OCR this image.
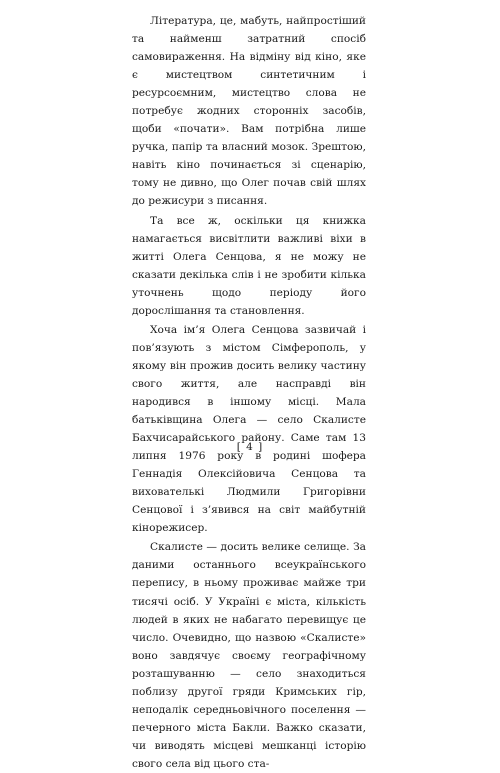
Література, це, мабуть, найпростіший та найменш затратний спосіб самовираження. На відміну від кіно, яке є мистецтвом синтетичним і ресурсоємним, мистецтво слова не потребує жодних сторонніх засобів, щоби «почати». Вам потрібна лише ручка, папір та власний мозок. Зрештою, навіть кіно починається зі сценарію, тому не дивно, що Олег почав свій шлях до режисури з писання.

Та все ж, оскільки ця книжка намагається висвітлити важливі віхи в житті Олега Сенцова, я не можу не сказати декілька слів і не зробити кілька уточнень щодо періоду його дорослішання та становлення.

Хоча ім’я Олега Сенцова зазвичай і пов’язують з містом Сімферополь, у якому він прожив досить велику частину свого життя, але насправді він народився в іншому місці. Мала батьківщина Олега — село Скалисте Бахчисарайського району. Саме там 13 липня 1976 року в родині шофера Геннадія Олексійовича Сенцова та вихователькі Людмили Григорівни Сенцової і з’явився на світ майбутній кінорежисер.

Скалисте — досить велике селище. За даними останнього всеукраїнського перепису, в ньому проживає майже три тисячі осіб. У Україні є міста, кількість людей в яких не набагато перевищує це число. Очевидно, що назвою «Скалисте» воно завдячує своєму географічному розташуванню — село знаходиться поблизу другої гряди Кримських гір, неподалік середньовічного поселення — печерного міста Бакли. Важко сказати, чи виводять місцеві мешканці історію свого села від цього ста-

[ 4 ]
